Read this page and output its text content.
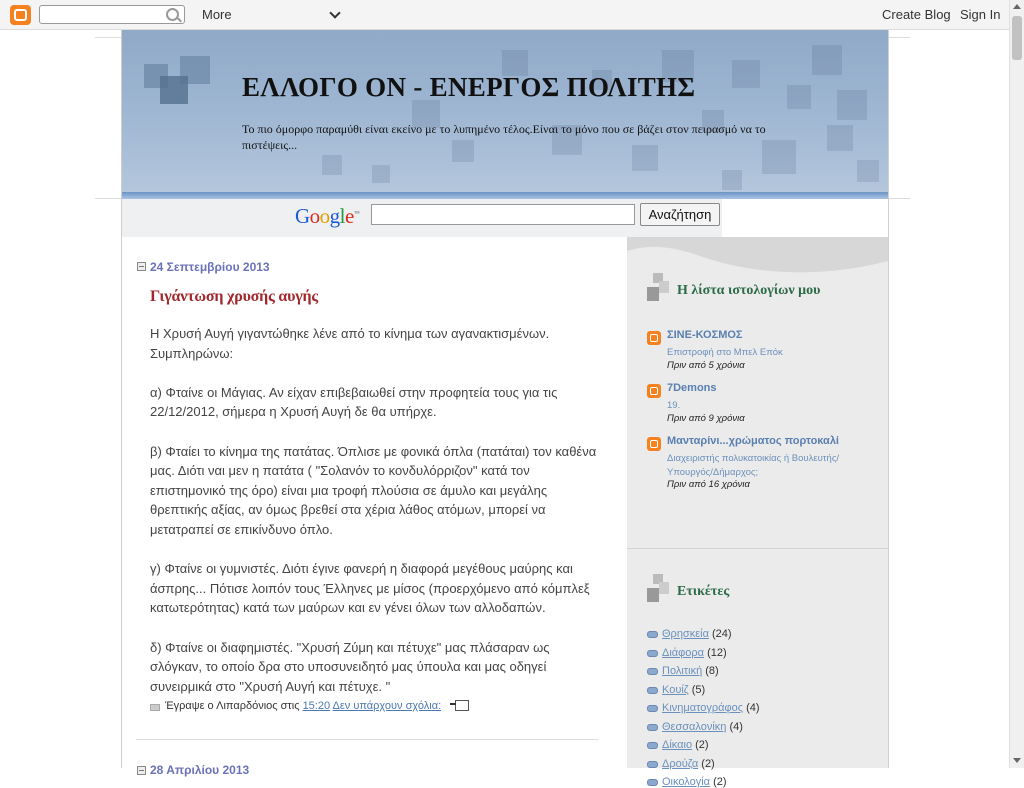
More	Create Blog Sign In
ΕΛΛΟΓΟ ΟΝ - ΕΝΕΡΓΟΣ ΠΟΛΙΤΗΣ

Το πιο όμορφο παραμύθι είναι εκείνο με το λυπημένο τέλος.Είναι το μόνο που σε βάζει στον πειρασμό να το πιστέψεις...

Google™	Αναζήτηση
24 Σεπτεμβρίου 2013
Γιγάντωση χρυσής αυγής

Η Χρυσή Αυγή γιγαντώθηκε λένε από το κίνημα των αγανακτισμένων. Συμπληρώνω:

α) Φταίνε οι Μάγιας. Αν είχαν επιβεβαιωθεί στην προφητεία τους για τις 22/12/2012, σήμερα η Χρυσή Αυγή δε θα υπήρχε.

β) Φταίει το κίνημα της πατάτας. Όπλισε με φονικά όπλα (πατάται) τον καθένα μας. Διότι ναι μεν η πατάτα ( "Σολανόν το κονδυλόρριζον" κατά τον επιστημονικό της όρο) είναι μια τροφή πλούσια σε άμυλο και μεγάλης θρεπτικής αξίας, αν όμως βρεθεί στα χέρια λάθος ατόμων, μπορεί να μετατραπεί σε επικίνδυνο όπλο.

γ) Φταίνε οι γυμνιστές. Διότι έγινε φανερή η διαφορά μεγέθους μαύρης και άσπρης... Πότισε λοιπόν τους Έλληνες με μίσος (προερχόμενο από κόμπλεξ κατωτερότητας) κατά των μαύρων και εν γένει όλων των αλλοδαπών.

δ) Φταίνε οι διαφημιστές. "Χρυσή Ζύμη και πέτυχε" μας πλάσαραν ως σλόγκαν, το οποίο δρα στο υποσυνειδητό μας ύπουλα και μας οδηγεί συνειρμικά στο "Χρυσή Αυγή και πέτυχε. "

Έγραψε ο Λιπαρδόνιος στις 15:20 Δεν υπάρχουν σχόλια:
28 Απριλίου 2013
Η λίστα ιστολογίων μου
ΣΙΝΕ-ΚΟΣΜΟΣ
Επιστροφή στο Μπελ Επόκ
Πριν από 5 χρόνια
7Demons
19.
Πριν από 9 χρόνια
Μανταρίνι...χρώματος πορτοκαλί
Διαχειριστής πολυκατοικίας ή Βουλευτής/ Υπουργός/Δήμαρχος;
Πριν από 16 χρόνια
Ετικέτες
Θρησκεία (24)
Διάφορα (12)
Πολιτική (8)
Κουίζ (5)
Κινηματογράφος (4)
Θεσσαλονίκη (4)
Δίκαιο (2)
Δρούζα (2)
Οικολογία (2)
